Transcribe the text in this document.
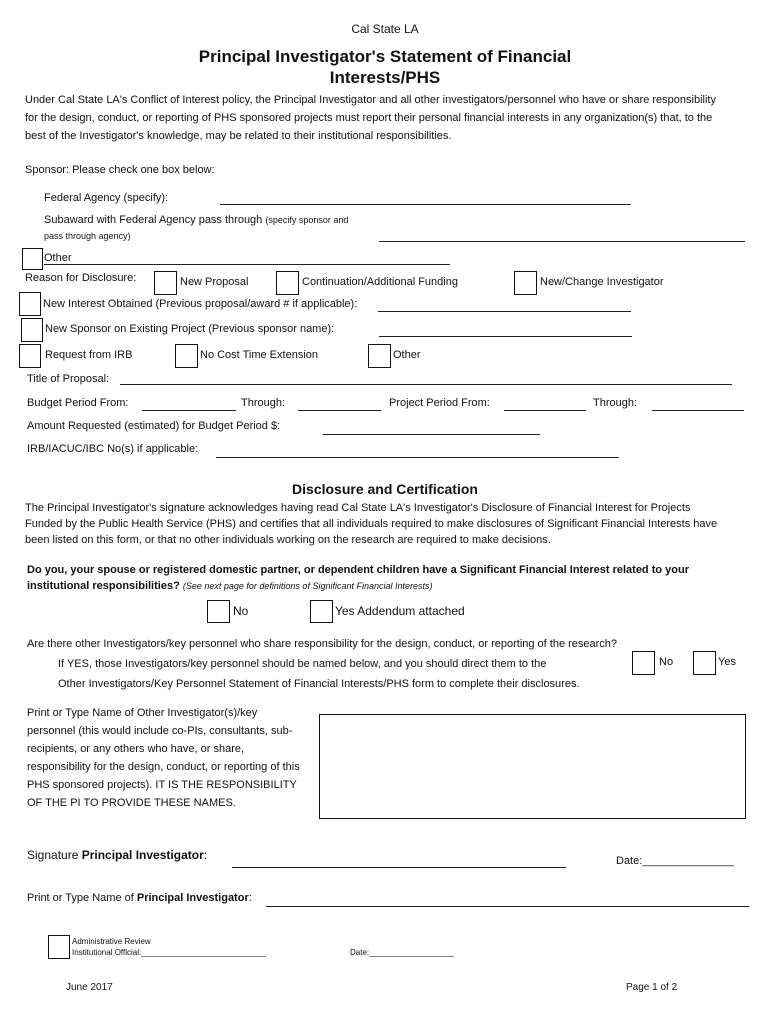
Cal State LA
Principal Investigator's Statement of Financial
Interests/PHS
Under Cal State LA's Conflict of Interest policy, the Principal Investigator and all other investigators/personnel who have or share responsibility
for the design, conduct, or reporting of PHS sponsored projects must report their personal financial interests in any organization(s) that, to the
best of the Investigator's knowledge, may be related to their institutional responsibilities.
Sponsor: Please check one box below:
Federal Agency (specify):
Subaward with Federal Agency pass through (specify sponsor and
pass through agency)
Other
Reason for Disclosure:	New Proposal	Continuation/Additional Funding	New/Change Investigator
New Interest Obtained (Previous proposal/award # if applicable):
New Sponsor on Existing Project (Previous sponsor name):
Request from IRB	No Cost Time Extension	Other
Title of Proposal:
Budget Period From:	Through:	Project Period From:	Through:
Amount Requested (estimated) for Budget Period $:
IRB/IACUC/IBC No(s) if applicable:
Disclosure and Certification
The Principal Investigator's signature acknowledges having read Cal State LA's Investigator's Disclosure of Financial Interest for Projects
Funded by the Public Health Service (PHS) and certifies that all individuals required to make disclosures of Significant Financial Interests have
been listed on this form, or that no other individuals working on the research are required to make decisions.
Do you, your spouse or registered domestic partner, or dependent children have a Significant Financial Interest related to your
institutional responsibilities? (See next page for definitions of Significant Financial Interests)
No	Yes Addendum attached
Are there other Investigators/key personnel who share responsibility for the design, conduct, or reporting of the research?
If YES, those Investigators/key personnel should be named below, and you should direct them to the
Other Investigators/Key Personnel Statement of Financial Interests/PHS form to complete their disclosures.
No	Yes
Print or Type Name of Other Investigator(s)/key
personnel (this would include co-PIs, consultants, sub-
recipients, or any others who have, or share,
responsibility for the design, conduct, or reporting of this
PHS sponsored projects). IT IS THE RESPONSIBILITY
OF THE PI TO PROVIDE THESE NAMES.
Signature Principal Investigator:	Date:_______________
Print or Type Name of Principal Investigator:
Administrative Review
Institutional Official:____________________________	Date:___________________
June 2017	Page 1 of 2
